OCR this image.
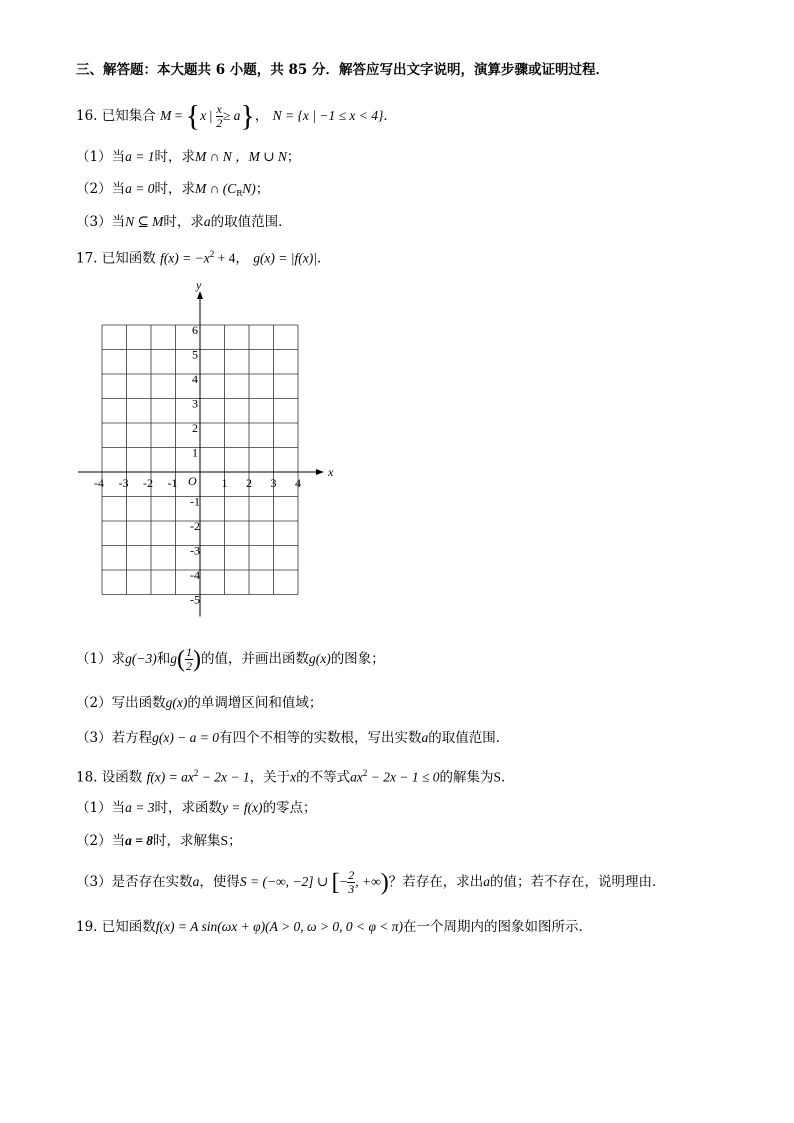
三、解答题：本大题共 6 小题，共 85 分．解答应写出文字说明，演算步骤或证明过程．
16. 已知集合 M = {x | $\frac{x}{2} \ge a$}， N = {x | −1 ≤ x < 4}．
（1）当a = 1时，求M ∩ N ，M ∪ N；
（2）当a = 0时，求M ∩ $(C_RN)$；
（3）当N ⊆ M时，求a的取值范围．
17. 已知函数 $f(x) = -x^2 + 4$， g(x) = |f(x)|．
x
y
O
-4 -3 -2 -1	1 2 3 4
6
5
4
3
2
1
-1
-2
-3
-4
-5
（1）求g(−3)和$g( \frac{1}{2}$ )的值，并画出函数g(x)的图象；
（2）写出函数g(x)的单调增区间和值域；
（3）若方程g(x) − a = 0有四个不相等的实数根，写出实数a的取值范围．
18. 设函数 $f(x) = ax^2 - 2x - 1$，关于x的不等式$ax^2 - 2x - 1 \le 0$的解集为S．
（1）当a = 3时，求函数y = f(x)的零点；
（2）当a = 8时，求解集S；
（3）是否存在实数a，使得S = (−∞, −2] ∪ [− $\frac{2}{3}$ , +∞)？若存在，求出a的值；若不存在，说明理由．
19. 已知函数f(x) = A sin(ωx + φ)(A > 0, ω > 0, 0 < φ < π)在一个周期内的图象如图所示．
